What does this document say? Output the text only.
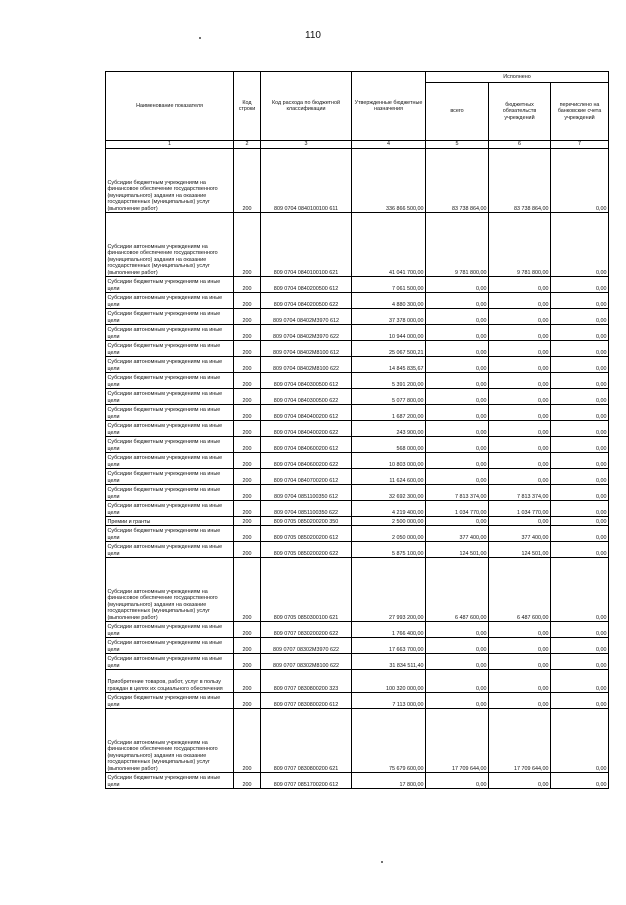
110
Наименование показателя	Код строки	Код расхода по бюджетной классификации	Утвержденные бюджетные назначения	Исполнено		
				всего	бюджетных обязательств учреждений	перечислено на банковские счета учреждений
1	2	3	4	5	6	7
Субсидии бюджетным учреждениям на финансовое обеспечение государственного (муниципального) задания на оказание государственных (муниципальных) услуг (выполнение работ)	200	809 0704 0840100100 611	336 866 500,00	83 738 864,00	83 738 864,00	0,00
Субсидии автономным учреждениям на финансовое обеспечение государственного (муниципального) задания на оказание государственных (муниципальных) услуг (выполнение работ)	200	809 0704 0840100100 621	41 041 700,00	9 781 800,00	9 781 800,00	0,00
Субсидии бюджетным учреждениям на иные цели	200	809 0704 0840200500 612	7 061 500,00	0,00	0,00	0,00
Субсидии автономным учреждениям на иные цели	200	809 0704 0840200500 622	4 880 300,00	0,00	0,00	0,00
Субсидии бюджетным учреждениям на иные цели	200	809 0704 08402M3970 612	37 378 000,00	0,00	0,00	0,00
Субсидии автономным учреждениям на иные цели	200	809 0704 08402M3970 622	10 944 000,00	0,00	0,00	0,00
Субсидии бюджетным учреждениям на иные цели	200	809 0704 08402M8100 612	25 067 500,21	0,00	0,00	0,00
Субсидии автономным учреждениям на иные цели	200	809 0704 08402M8100 622	14 845 835,67	0,00	0,00	0,00
Субсидии бюджетным учреждениям на иные цели	200	809 0704 0840300500 612	5 391 200,00	0,00	0,00	0,00
Субсидии автономным учреждениям на иные цели	200	809 0704 0840300500 622	5 077 800,00	0,00	0,00	0,00
Субсидии бюджетным учреждениям на иные цели	200	809 0704 0840400200 612	1 687 200,00	0,00	0,00	0,00
Субсидии автономным учреждениям на иные цели	200	809 0704 0840400200 622	243 900,00	0,00	0,00	0,00
Субсидии бюджетным учреждениям на иные цели	200	809 0704 0840600200 612	568 000,00	0,00	0,00	0,00
Субсидии автономным учреждениям на иные цели	200	809 0704 0840600200 622	10 803 000,00	0,00	0,00	0,00
Субсидии бюджетным учреждениям на иные цели	200	809 0704 0840700200 612	11 624 600,00	0,00	0,00	0,00
Субсидии бюджетным учреждениям на иные цели	200	809 0704 0851100350 612	32 692 300,00	7 813 374,00	7 813 374,00	0,00
Субсидии автономным учреждениям на иные цели	200	809 0704 0851100350 622	4 219 400,00	1 034 770,00	1 034 770,00	0,00
Премии и гранты	200	809 0705 0850200200 350	2 500 000,00	0,00	0,00	0,00
Субсидии бюджетным учреждениям на иные цели	200	809 0705 0850200200 612	2 050 000,00	377 400,00	377 400,00	0,00
Субсидии автономным учреждениям на иные цели	200	809 0705 0850200200 622	5 875 100,00	124 501,00	124 501,00	0,00
Субсидии автономным учреждениям на финансовое обеспечение государственного (муниципального) задания на оказание государственных (муниципальных) услуг (выполнение работ)	200	809 0705 0850300100 621	27 993 200,00	6 487 600,00	6 487 600,00	0,00
Субсидии автономным учреждениям на иные цели	200	809 0707 0830200200 622	1 766 400,00	0,00	0,00	0,00
Субсидии автономным учреждениям на иные цели	200	809 0707 08302M3970 622	17 663 700,00	0,00	0,00	0,00
Субсидии автономным учреждениям на иные цели	200	809 0707 08302M8100 622	31 834 511,40	0,00	0,00	0,00
Приобретение товаров, работ, услуг в пользу граждан в целях их социального обеспечения	200	809 0707 0830800200 323	100 320 000,00	0,00	0,00	0,00
Субсидии бюджетным учреждениям на иные цели	200	809 0707 0830800200 612	7 113 000,00	0,00	0,00	0,00
Субсидии автономным учреждениям на финансовое обеспечение государственного (муниципального) задания на оказание государственных (муниципальных) услуг (выполнение работ)	200	809 0707 0830800200 621	75 679 600,00	17 709 644,00	17 709 644,00	0,00
Субсидии бюджетным учреждениям на иные цели	200	809 0707 0851700200 612	17 800,00	0,00	0,00	0,00
